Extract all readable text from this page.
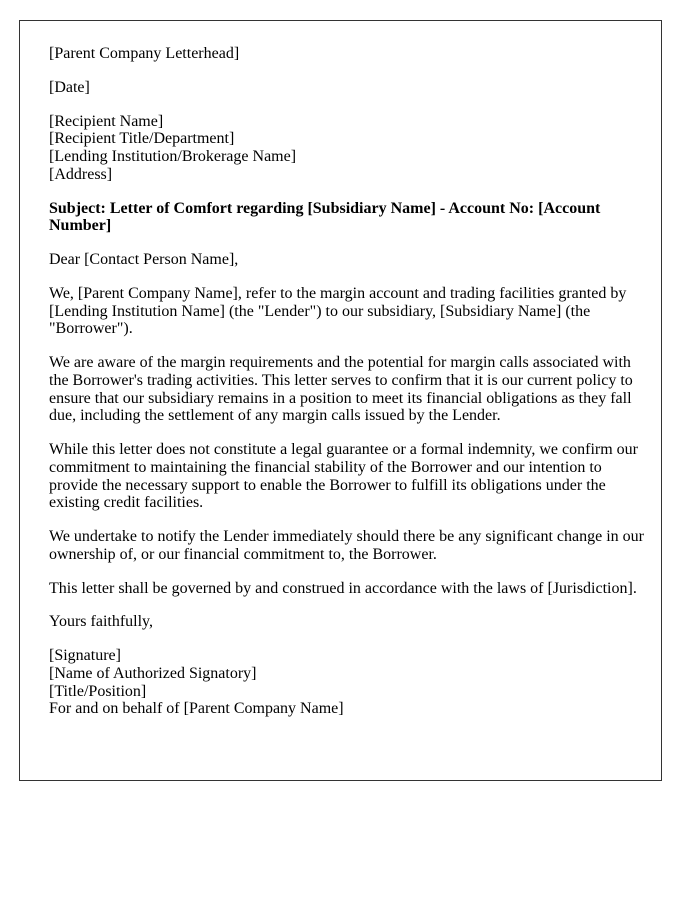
[Parent Company Letterhead]

[Date]

[Recipient Name]
[Recipient Title/Department]
[Lending Institution/Brokerage Name]
[Address]

Subject: Letter of Comfort regarding [Subsidiary Name] - Account No: [Account Number]

Dear [Contact Person Name],

We, [Parent Company Name], refer to the margin account and trading facilities granted by [Lending Institution Name] (the "Lender") to our subsidiary, [Subsidiary Name] (the "Borrower").

We are aware of the margin requirements and the potential for margin calls associated with the Borrower's trading activities. This letter serves to confirm that it is our current policy to ensure that our subsidiary remains in a position to meet its financial obligations as they fall due, including the settlement of any margin calls issued by the Lender.

While this letter does not constitute a legal guarantee or a formal indemnity, we confirm our commitment to maintaining the financial stability of the Borrower and our intention to provide the necessary support to enable the Borrower to fulfill its obligations under the existing credit facilities.

We undertake to notify the Lender immediately should there be any significant change in our ownership of, or our financial commitment to, the Borrower.

This letter shall be governed by and construed in accordance with the laws of [Jurisdiction].

Yours faithfully,

[Signature]
[Name of Authorized Signatory]
[Title/Position]
For and on behalf of [Parent Company Name]
